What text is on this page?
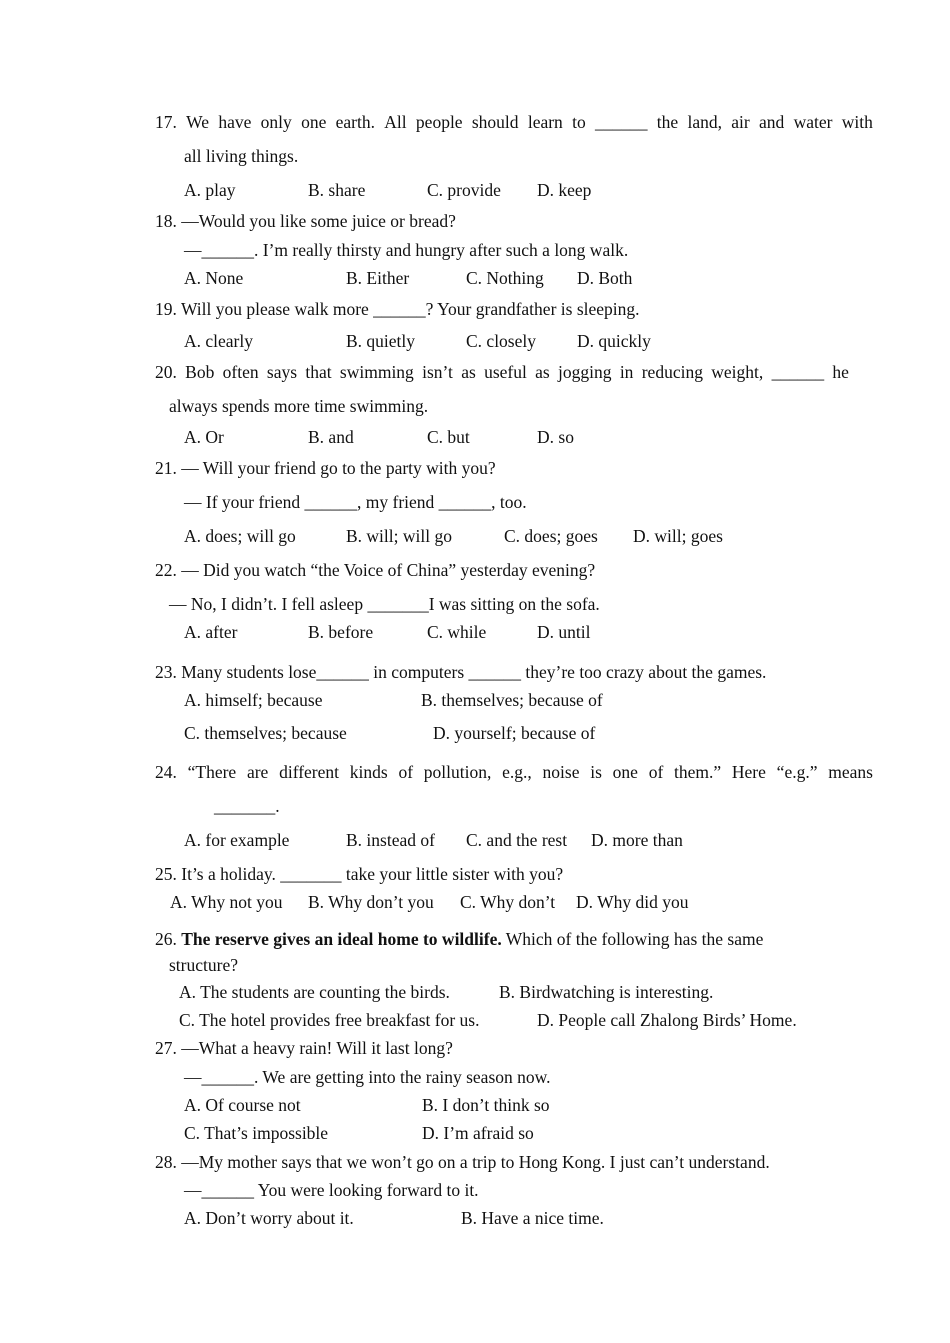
17. We have only one earth. All people should learn to ______ the land, air and water with
all living things.
A. play	B. share	C. provide D. keep
18. —Would you like some juice or bread?
—______. I’m really thirsty and hungry after such a long walk.
A. None	B. Either	C. Nothing D. Both
19. Will you please walk more ______? Your grandfather is sleeping.
A. clearly	B. quietly	C. closely D. quickly
20. Bob often says that swimming isn’t as useful as jogging in reducing weight, ______ he
always spends more time swimming.
A. Or	B. and	C. but	D. so
21. — Will your friend go to the party with you?
— If your friend ______, my friend ______, too.
A. does; will go	B. will; will go	C. does; goes D. will; goes
22. — Did you watch “the Voice of China” yesterday evening?
— No, I didn’t. I fell asleep _______I was sitting on the sofa.
A. after	B. before	C. while	D. until
23. Many students lose______ in computers ______ they’re too crazy about the games.
A. himself; because	B. themselves; because of
C. themselves; because	D. yourself; because of
24. “There are different kinds of pollution, e.g., noise is one of them.” Here “e.g.” means
_______.
A. for example	B. instead of C. and the rest D. more than
25. It’s a holiday. _______ take your little sister with you?
A. Why not you B. Why don’t you C. Why don’t D. Why did you
26. The reserve gives an ideal home to wildlife. Which of the following has the same
structure?
A. The students are counting the birds.	B. Birdwatching is interesting.
C. The hotel provides free breakfast for us.	D. People call Zhalong Birds’ Home.
27. —What a heavy rain! Will it last long?
—______. We are getting into the rainy season now.
A. Of course not	B. I don’t think so
C. That’s impossible	D. I’m afraid so
28. —My mother says that we won’t go on a trip to Hong Kong. I just can’t understand.
—______ You were looking forward to it.
A. Don’t worry about it.	B. Have a nice time.
